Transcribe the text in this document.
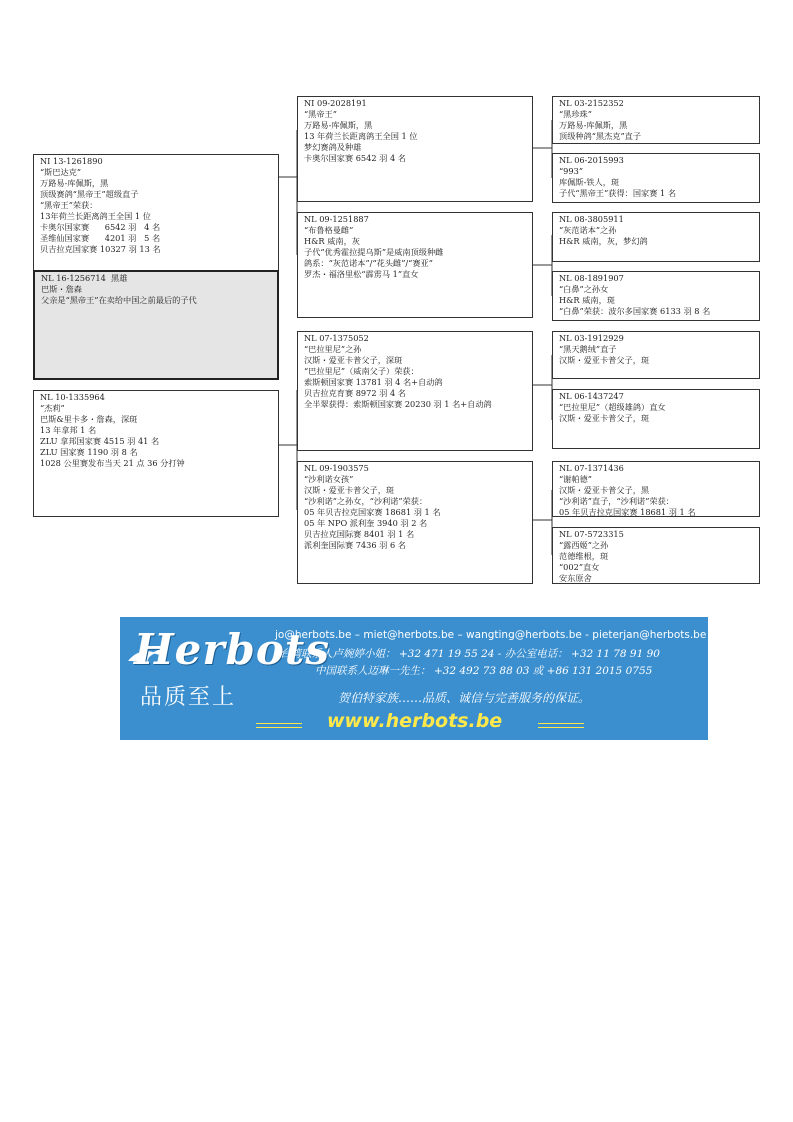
NI 13-1261890
“斯巴达克”
万路易-库佩斯，黑
顶级赛鸽“黑帝王”超级直子
“黑帝王”荣获：
13年荷兰长距离鸽王全国 1 位
卡奥尔国家赛      6542 羽   4 名
圣维仙国家赛      4201 羽   5 名
贝吉拉克国家赛 10327 羽 13 名
NL 16-1256714  黑雄
巴斯・詹森
父亲是“黑帝王”在卖给中国之前最后的子代
NL 10-1335964
“杰莉”
巴斯&里卡多・詹森，深斑
13 年拿邦 1 名
ZLU 拿邦国家赛 4515 羽 41 名
ZLU 国家赛 1190 羽 8 名
1028 公里赛发布当天 21 点 36 分打钟
NI 09-2028191
“黑帝王”
万路易-库佩斯，黑
13 年荷兰长距离鸽王全国 1 位
梦幻赛鸽及种雄
卡奥尔国家赛 6542 羽 4 名
NL 09-1251887
“布鲁格曼雌”
H&R 威南，灰
子代“优秀霍拉提乌斯”是威南顶级种雌
鸽系：“灰范诺本”/“花头雌”/“赛亚”
罗杰・福洛里松“霹雳马 1”直女
NL 07-1375052
“巴拉里尼”之孙
汉斯・爱亚卡普父子，深斑
“巴拉里尼”（威南父子）荣获：
索斯顿国家赛 13781 羽 4 名+自动鸽
贝吉拉克育赛 8972 羽 4 名
全半翠获得：索斯顿国家赛 20230 羽 1 名+自动鸽
NL 09-1903575
“沙利诺女孩”
汉斯・爱亚卡普父子，斑
“沙利诺”之孙女，“沙利诺”荣获：
05 年贝吉拉克国家赛 18681 羽 1 名
05 年 NPO 派利奎 3940 羽 2 名
贝吉拉克国际赛 8401 羽 1 名
派利奎国际赛 7436 羽 6 名
NL 03-2152352
“黑珍珠”
万路易-库佩斯，黑
顶级种鸽“黑杰克”直子
NL 06-2015993
“993”
库佩斯-铁人，斑
子代“黑帝王”获得：国家赛 1 名
NL 08-3805911
“灰范诺本”之孙
H&R 威南，灰，梦幻鸽
NL 08-1891907
“白鼻”之孙女
H&R 威南，斑
“白鼻”荣获：波尔多国家赛 6133 羽 8 名
NL 03-1912929
“黑天鹅绒”直子
汉斯・爱亚卡普父子，斑
NL 06-1437247
“巴拉里尼”（超级雄鸽）直女
汉斯・爱亚卡普父子，斑
NL 07-1371436
“谢帕德”
汉斯・爱亚卡普父子，黑
“沙利诺”直子，“沙利诺”荣获：
05 年贝吉拉克国家赛 18681 羽 1 名
NL 07-5723315
“露西姬”之孙
范德维根，斑
“002”直女
安东原舍
Herbots
品质至上
jo@herbots.be – miet@herbots.be – wangting@herbots.be - pieterjan@herbots.be
台湾联系人卢婉婷小姐： +32 471 19 55 24 - 办公室电话： +32 11 78 91 90
中国联系人迈琳一先生： +32 492 73 88 03 或 +86 131 2015 0755
贺伯特家族……品质、诚信与完善服务的保证。
www.herbots.be
